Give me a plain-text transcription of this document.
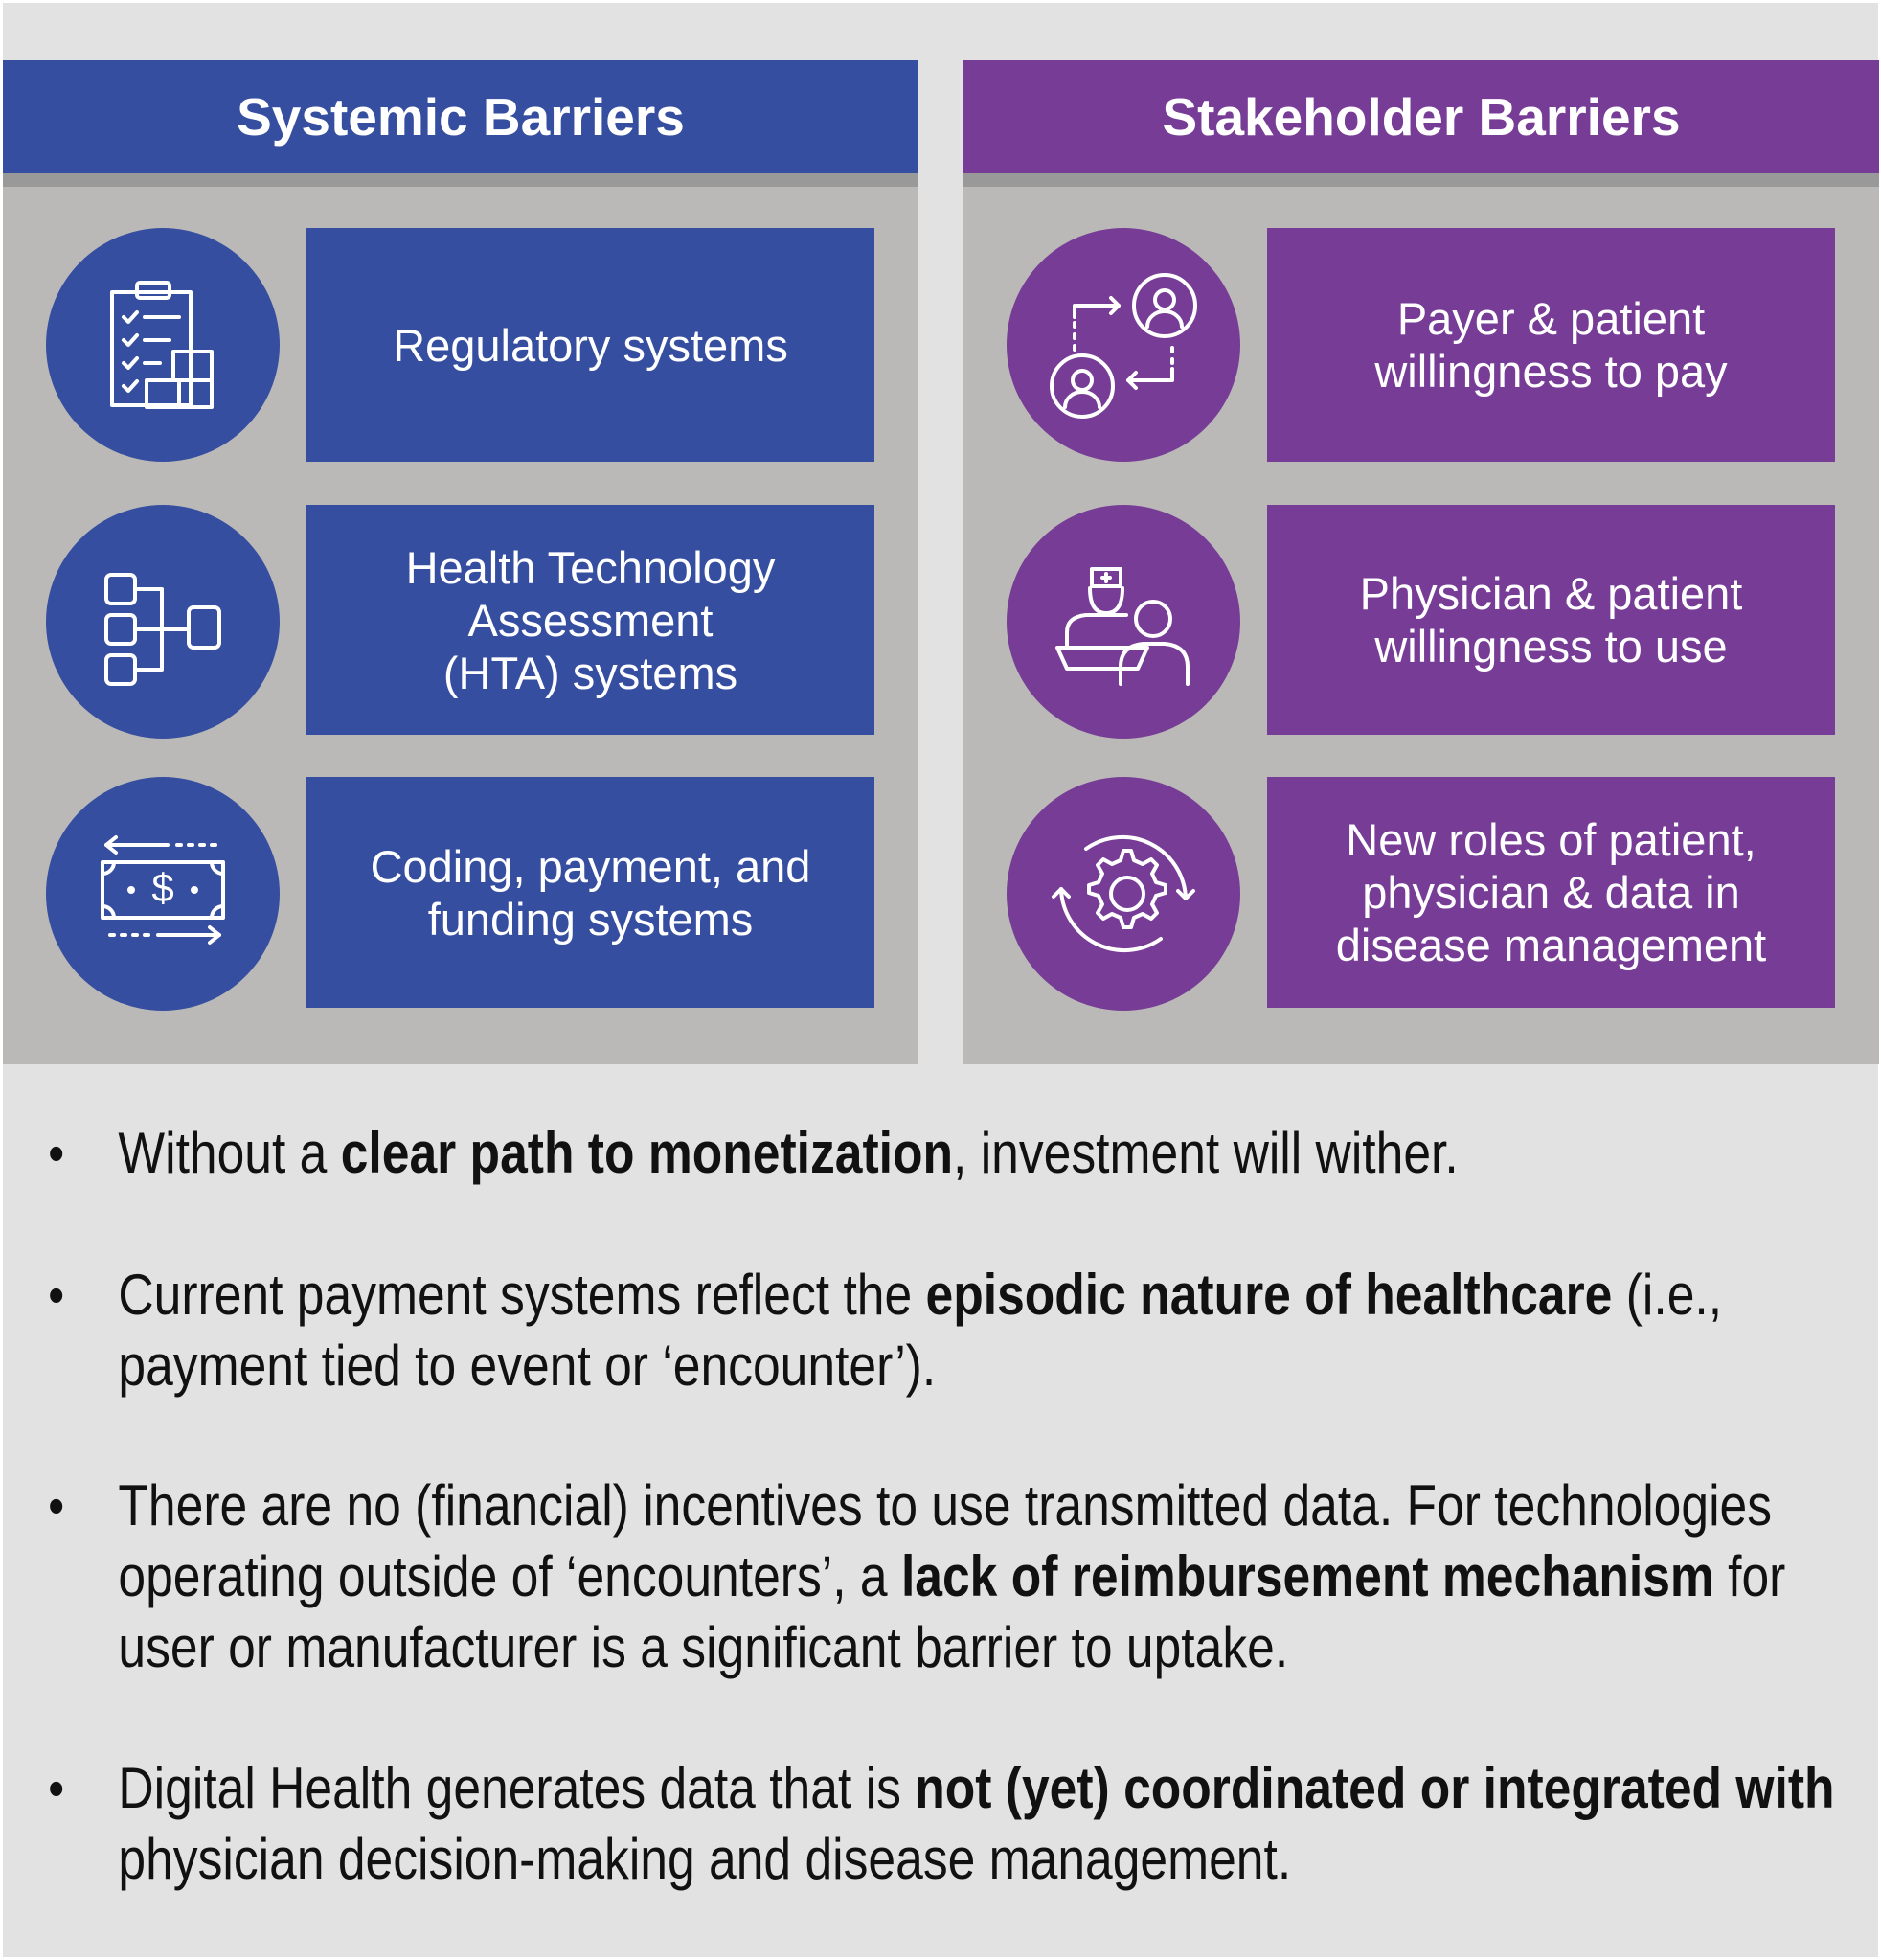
Systemic Barriers
Regulatory systems
Health Technology
Assessment
(HTA) systems
$	Coding, payment, and
funding systems
Stakeholder Barriers
Payer & patient
willingness to pay
Physician & patient
willingness to use
New roles of patient,
physician & data in
disease management
• Without a clear path to monetization, investment will wither.
• Current payment systems reflect the episodic nature of healthcare (i.e., payment tied to event or ‘encounter’).
• There are no (financial) incentives to use transmitted data. For technologies operating outside of ‘encounters’, a lack of reimbursement mechanism for user or manufacturer is a significant barrier to uptake.
• Digital Health generates data that is not (yet) coordinated or integrated with physician decision-making and disease management.
